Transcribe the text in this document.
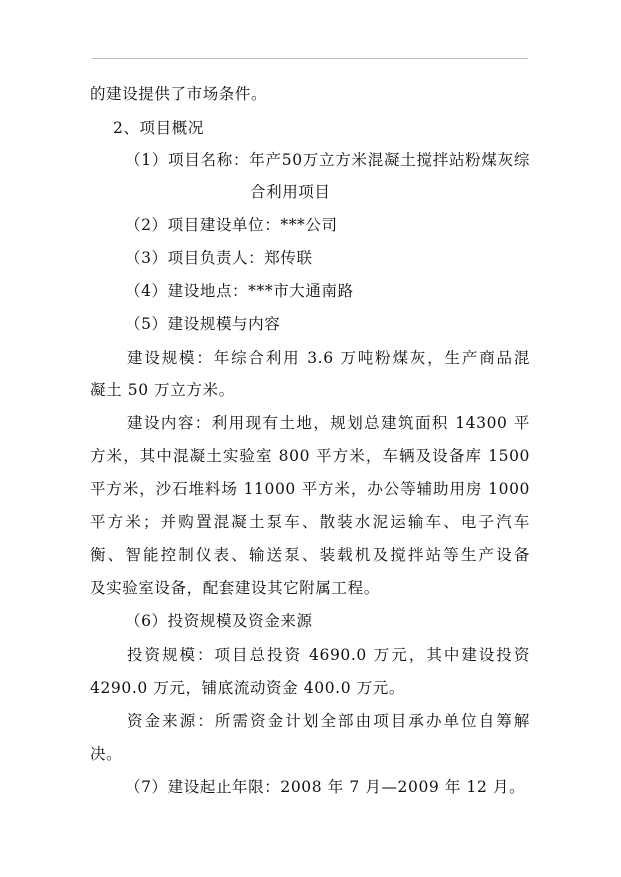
的建设提供了市场条件。
2、项目概况
（1）项目名称：年产50万立方米混凝土搅拌站粉煤灰综
合利用项目
（2）项目建设单位：***公司
（3）项目负责人：郑传联
（4）建设地点：***市大通南路
（5）建设规模与内容
建设规模：年综合利用 3.6 万吨粉煤灰，生产商品混
凝土 50 万立方米。
建设内容：利用现有土地，规划总建筑面积 14300 平
方米，其中混凝土实验室 800 平方米，车辆及设备库 1500
平方米，沙石堆料场 11000 平方米，办公等辅助用房 1000
平方米；并购置混凝土泵车、散装水泥运输车、电子汽车
衡、智能控制仪表、输送泵、装载机及搅拌站等生产设备
及实验室设备，配套建设其它附属工程。
（6）投资规模及资金来源
投资规模：项目总投资 4690.0 万元，其中建设投资
4290.0 万元，铺底流动资金 400.0 万元。
资金来源：所需资金计划全部由项目承办单位自筹解
决。
（7）建设起止年限：2008 年 7 月—2009 年 12 月。
